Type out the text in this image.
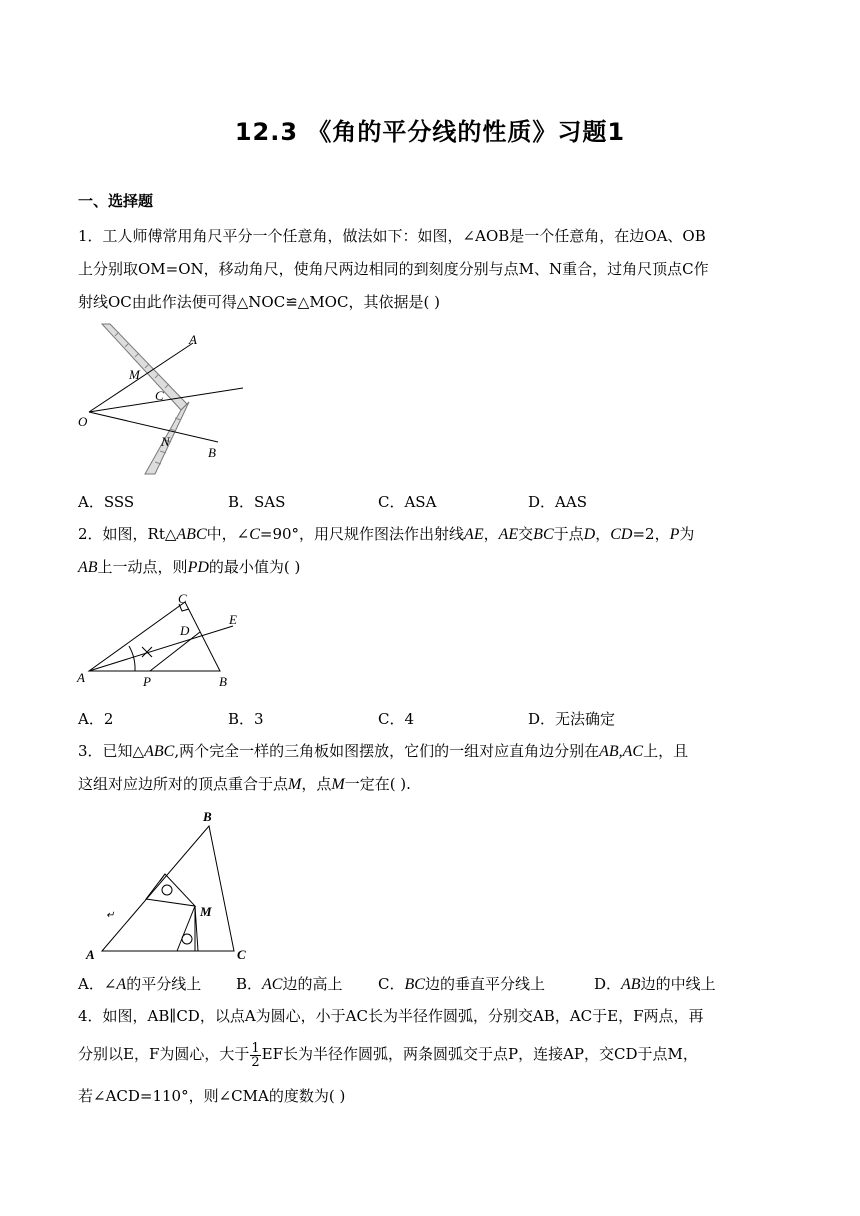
12.3 《角的平分线的性质》习题1
一、选择题
1．工人师傅常用角尺平分一个任意角，做法如下：如图，∠AOB是一个任意角，在边OA、OB
上分别取OM=ON，移动角尺，使角尺两边相同的到刻度分别与点M、N重合，过角尺顶点C作
射线OC由此作法便可得△NOC≌△MOC，其依据是( )
A
M
C
O
N
B
A．SSS	B．SAS	C．ASA	D．AAS
2．如图，Rt△ABC中，∠C=90°，用尺规作图法作出射线AE，AE交BC于点D，CD=2，P为
AB上一动点，则PD的最小值为( )
C
D
E
A	P	B
A．2	B．3	C．4	D．无法确定
3．已知△ABC,两个完全一样的三角板如图摆放，它们的一组对应直角边分别在AB,AC上，且
这组对应边所对的顶点重合于点M，点M一定在( ).
B
M
A	C
↵
A．∠A的平分线上 B．AC边的高上 C．BC边的垂直平分线上	D．AB边的中线上
4．如图，AB∥CD，以点A为圆心，小于AC长为半径作圆弧，分别交AB，AC于E，F两点，再
分别以E，F为圆心，大于 $\frac{1}{2}$ EF长为半径作圆弧，两条圆弧交于点P，连接AP，交CD于点M，
若∠ACD=110°，则∠CMA的度数为( )
